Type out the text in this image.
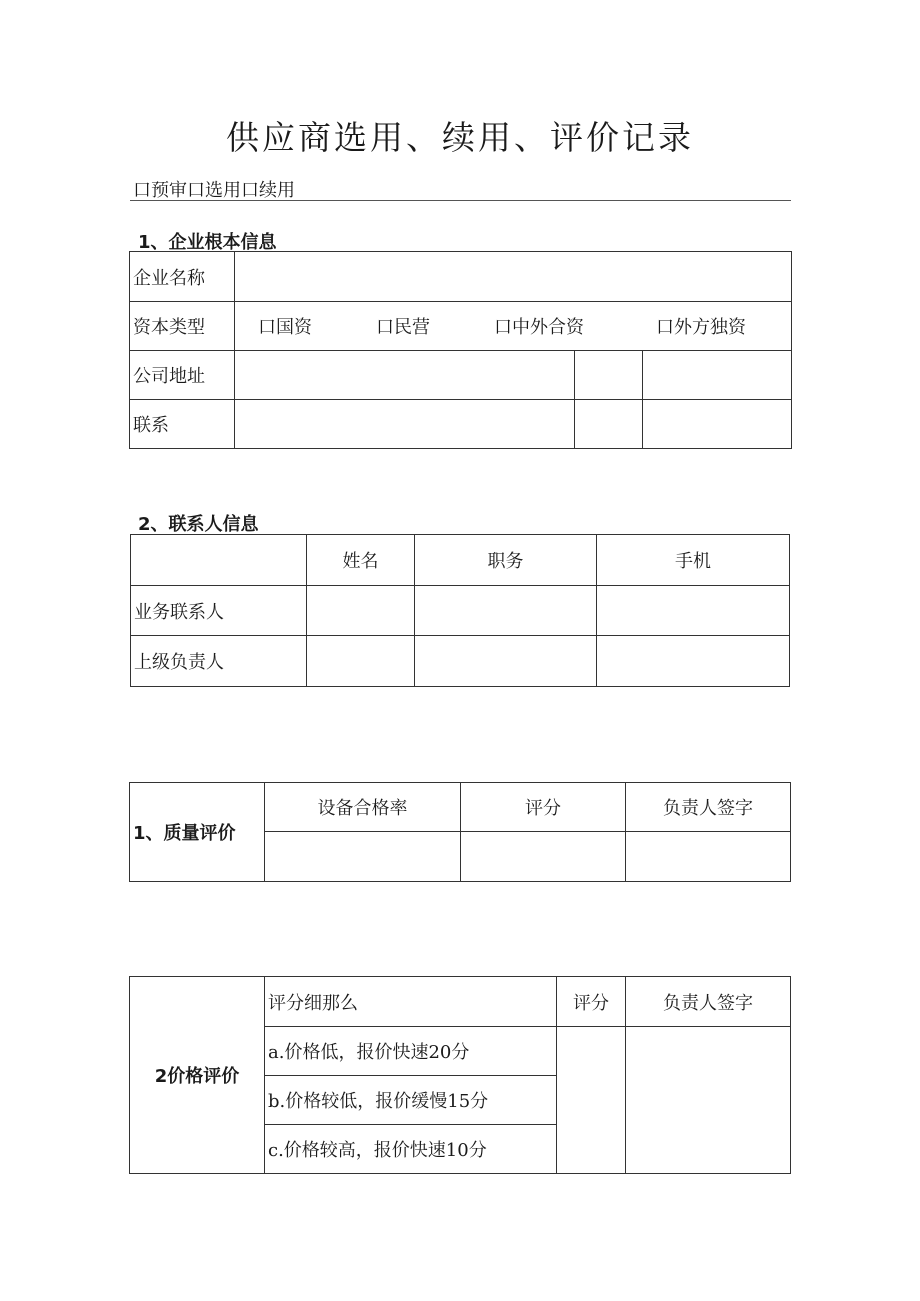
供应商选用、续用、评价记录
口预审口选用口续用
1、企业根本信息
企业名称			
资本类型	口国资 口民营 口中外合资 口外方独资		
公司地址			
联系			
2、联系人信息
	姓名	职务	手机
业务联系人			
上级负责人			
1、质量评价	设备合格率	评分	负责人签字

2价格评价	评分细那么	评分	负责人签字
	a.价格低，报价快速20分		
	b.价格较低，报价缓慢15分		
	c.价格较高，报价快速10分		
